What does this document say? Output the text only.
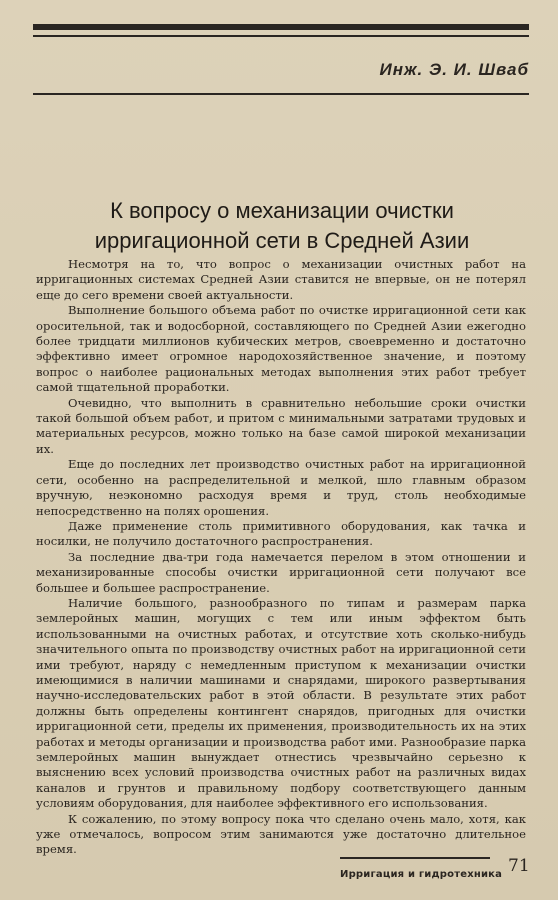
Инж. Э. И. Шваб
К вопросу о механизации очистки ирригационной сети в Средней Азии

Несмотря на то, что вопрос о механизации очистных работ на ирригационных системах Средней Азии ставится не впервые, он не потерял еще до сего времени своей актуальности.

Выполнение большого объема работ по очистке ирригационной сети как оросительной, так и водосборной, составляющего по Средней Азии ежегодно более тридцати миллионов кубических метров, своевременно и достаточно эффективно имеет огромное народохозяйственное значение, и поэтому вопрос о наиболее рациональных методах выполнения этих работ требует самой тщательной проработки.

Очевидно, что выполнить в сравнительно небольшие сроки очистки такой большой объем работ, и притом с минимальными затратами трудовых и материальных ресурсов, можно только на базе самой широкой механизации их.

Еще до последних лет производство очистных работ на ирригационной сети, особенно на распределительной и мелкой, шло главным образом вручную, неэкономно расходуя время и труд, столь необходимые непосредственно на полях орошения.

Даже применение столь примитивного оборудования, как тачка и носилки, не получило достаточного распространения.

За последние два-три года намечается перелом в этом отношении и механизированные способы очистки ирригационной сети получают все большее и большее распространение.

Наличие большого, разнообразного по типам и размерам парка землеройных машин, могущих с тем или иным эффектом быть использованными на очистных работах, и отсутствие хоть сколько-нибудь значительного опыта по производству очистных работ на ирригационной сети ими требуют, наряду с немедленным приступом к механизации очистки имеющимися в наличии машинами и снарядами, широкого развертывания научно-исследовательских работ в этой области. В результате этих работ должны быть определены контингент снарядов, пригодных для очистки ирригационной сети, пределы их применения, производительность их на этих работах и методы организации и производства работ ими. Разнообразие парка землеройных машин вынуждает отнестись чрезвычайно серьезно к выяснению всех условий производства очистных работ на различных видах каналов и грунтов и правильному подбору соответствующего данным условиям оборудования, для наиболее эффективного его использования.

К сожалению, по этому вопросу пока что сделано очень мало, хотя, как уже отмечалось, вопросом этим занимаются уже достаточно длительное время.

Ирригация и гидротехника 71
